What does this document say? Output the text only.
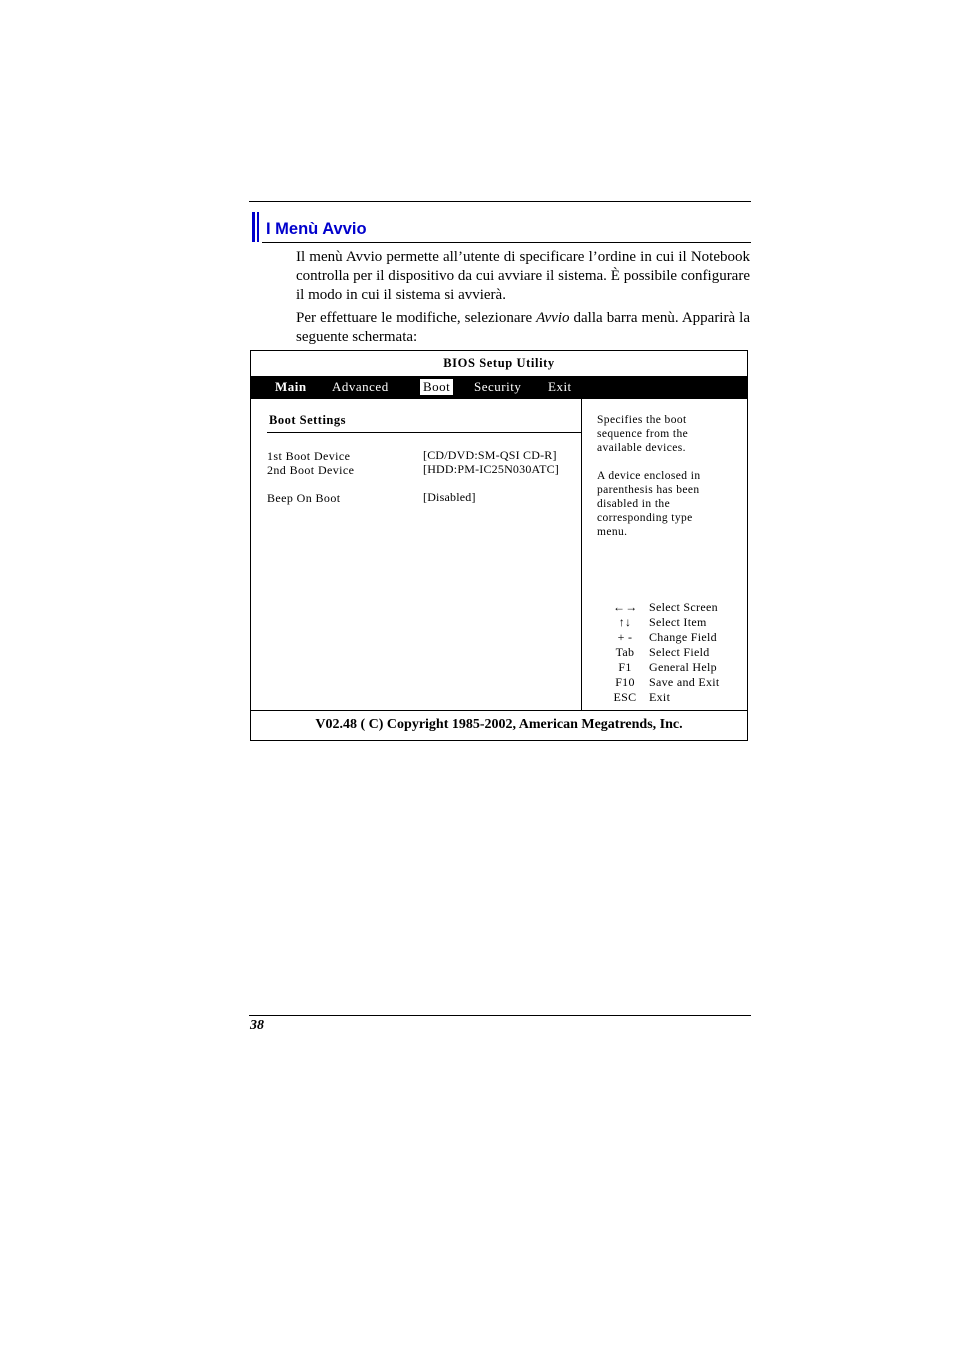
I Menù Avvio

Il menù Avvio permette all’utente di specificare l’ordine in cui il Notebook controlla per il dispositivo da cui avviare il sistema. È possibile configurare il modo in cui il sistema si avvierà.

Per effettuare le modifiche, selezionare Avvio dalla barra menù. Apparirà la seguente schermata:

BIOS Setup Utility
Main Advanced	Boot Security Exit
Boot Settings
1st Boot Device	[CD/DVD:SM-QSI CD-R]
2nd Boot Device	[HDD:PM-IC25N030ATC]
Beep On Boot	[Disabled]
Specifies the boot
sequence from the
available devices.
A device enclosed in
parenthesis has been
disabled in the
corresponding type
menu.
←→ Select Screen
↑↓	Select Item
+ -	Change Field
Tab Select Field
F1	General Help
F10 Save and Exit
ESC Exit
V02.48 ( C) Copyright 1985-2002, American Megatrends, Inc.
38
